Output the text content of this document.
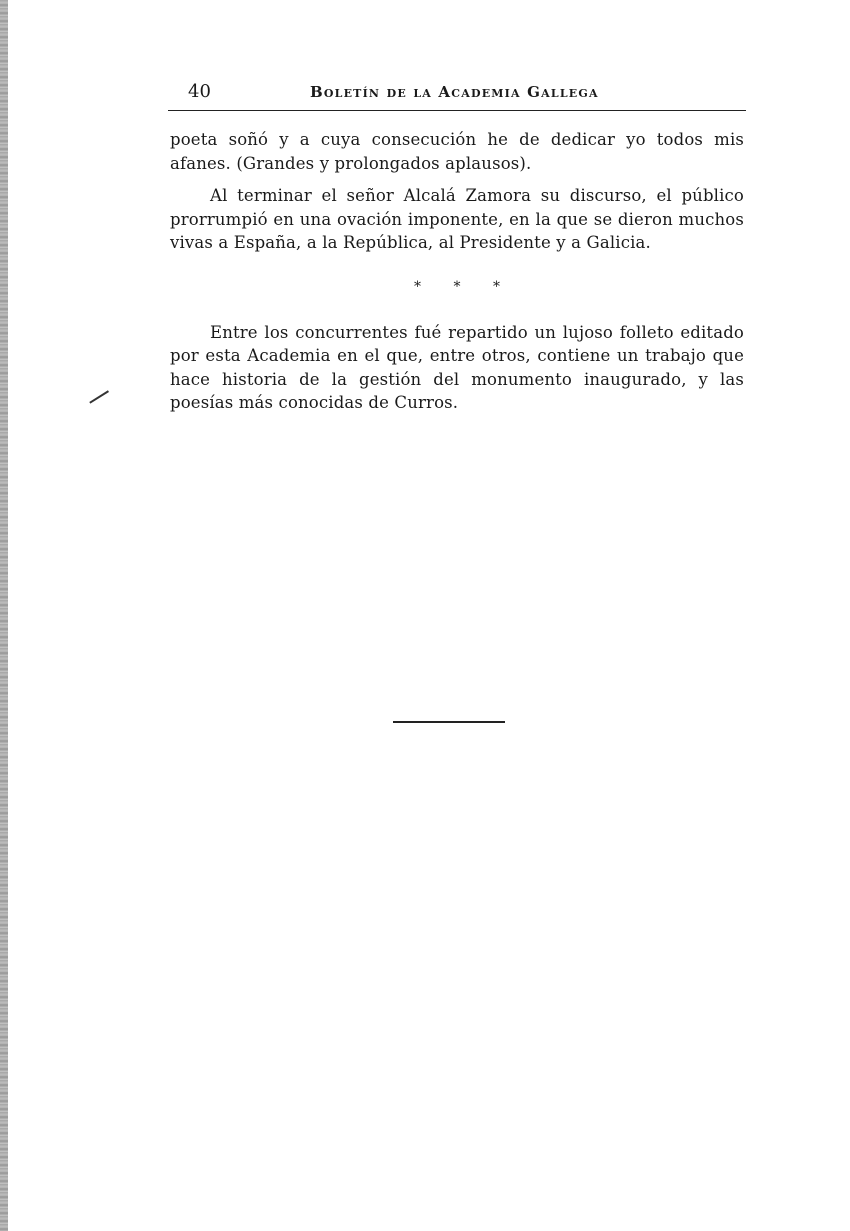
40	Boletín de la Academia Gallega

poeta soñó y a cuya consecución he de dedicar yo todos mis afanes. (Grandes y prolongados aplausos).

Al terminar el señor Alcalá Zamora su discurso, el público prorrumpió en una ovación imponente, en la que se dieron muchos vivas a España, a la República, al Presidente y a Galicia.

* * *

Entre los concurrentes fué repartido un lujoso folleto editado por esta Academia en el que, entre otros, contiene un trabajo que hace historia de la gestión del monumento inaugurado, y las poesías más conocidas de Curros.
